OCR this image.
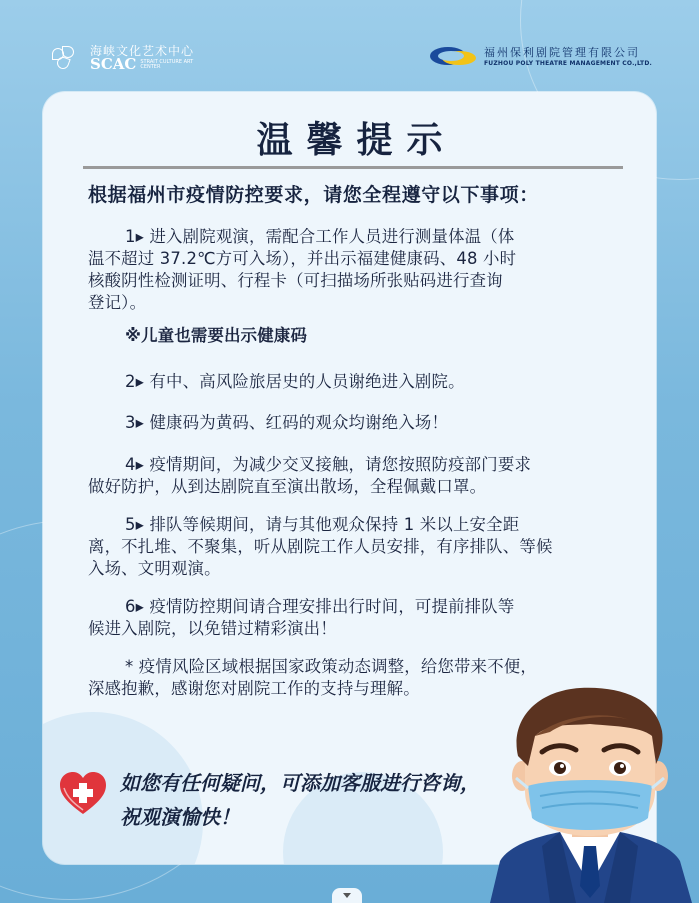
海峡文化艺术中心
SCAC STRAIT CULTURE ART CENTER
福州保利剧院管理有限公司
FUZHOU POLY THEATRE MANAGEMENT CO.,LTD.
温馨提示
根据福州市疫情防控要求，请您全程遵守以下事项：
1▸ 进入剧院观演，需配合工作人员进行测量体温（体
温不超过 37.2℃方可入场），并出示福建健康码、48 小时
核酸阴性检测证明、行程卡（可扫描场所张贴码进行查询
登记）。
※儿童也需要出示健康码
2▸ 有中、高风险旅居史的人员谢绝进入剧院。
3▸ 健康码为黄码、红码的观众均谢绝入场！
4▸ 疫情期间，为减少交叉接触，请您按照防疫部门要求
做好防护，从到达剧院直至演出散场，全程佩戴口罩。
5▸ 排队等候期间，请与其他观众保持 1 米以上安全距
离，不扎堆、不聚集，听从剧院工作人员安排，有序排队、等候
入场、文明观演。
6▸ 疫情防控期间请合理安排出行时间，可提前排队等
候进入剧院，以免错过精彩演出！
* 疫情风险区域根据国家政策动态调整，给您带来不便，
深感抱歉，感谢您对剧院工作的支持与理解。
如您有任何疑问，可添加客服进行咨询，
祝观演愉快！
